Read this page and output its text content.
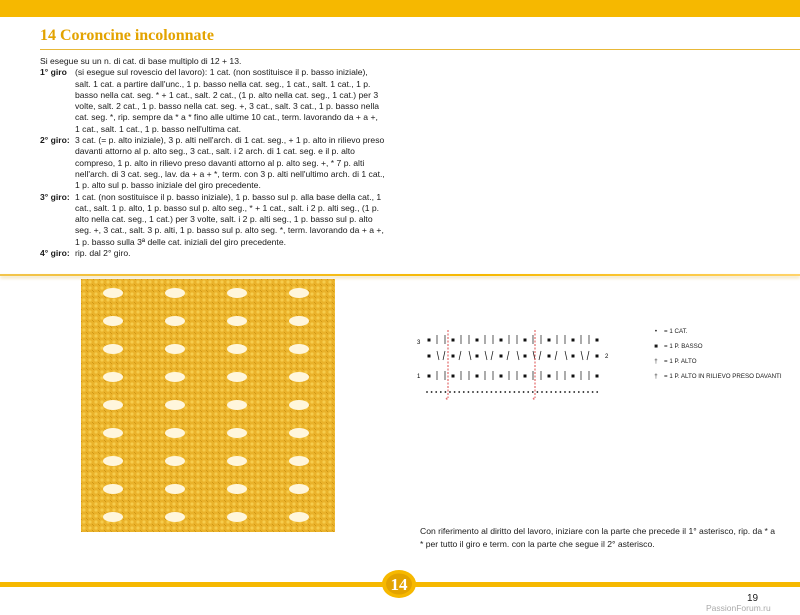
14 Coroncine incolonnate
Si esegue su un n. di cat. di base multiplo di 12 + 13.
1° giro (si esegue sul rovescio del lavoro): 1 cat. (non sostituisce il p. basso iniziale), salt. 1 cat. a partire dall'unc., 1 p. basso nella cat. seg., 1 cat., salt. 1 cat., 1 p. basso nella cat. seg. * + 1 cat., salt. 2 cat., (1 p. alto nella cat. seg., 1 cat.) per 3 volte, salt. 2 cat., 1 p. basso nella cat. seg. +, 3 cat., salt. 3 cat., 1 p. basso nella cat. seg. *, rip. sempre da * a * fino alle ultime 10 cat., term. lavorando da + a +, 1 cat., salt. 1 cat., 1 p. basso nell'ultima cat.
2° giro: 3 cat. (= p. alto iniziale), 3 p. alti nell'arch. di 1 cat. seg., + 1 p. alto in rilievo preso davanti attorno al p. alto seg., 3 cat., salt. i 2 arch. di 1 cat. seg. e il p. alto compreso, 1 p. alto in rilievo preso davanti attorno al p. alto seg. +, * 7 p. alti nell'arch. di 3 cat. seg., lav. da + a + *, term. con 3 p. alti nell'ultimo arch. di 1 cat., 1 p. alto sul p. basso iniziale del giro precedente.
3° giro: 1 cat. (non sostituisce il p. basso iniziale), 1 p. basso sul p. alla base della cat., 1 cat., salt. 1 p. alto, 1 p. basso sul p. alto seg., * + 1 cat., salt. i 2 p. alti seg., (1 p. alto nella cat. seg., 1 cat.) per 3 volte, salt. i 2 p. alti seg., 1 p. basso sul p. alto seg. +, 3 cat., salt. 3 p. alti, 1 p. basso sul p. alto seg. *, term. lavorando da + a +, 1 p. basso sulla 3ª delle cat. iniziali del giro precedente.
4° giro: rip. dal 2° giro.
3
2
1
*	*
•	= 1 CAT.
■ = 1 P. BASSO
†	= 1 P. ALTO
†	= 1 P. ALTO IN RILIEVO PRESO DAVANTI
Con riferimento al diritto del lavoro, iniziare con la parte che precede il 1° asterisco, rip. da * a * per tutto il giro e term. con la parte che segue il 2° asterisco.
14
19
PassionForum.ru
